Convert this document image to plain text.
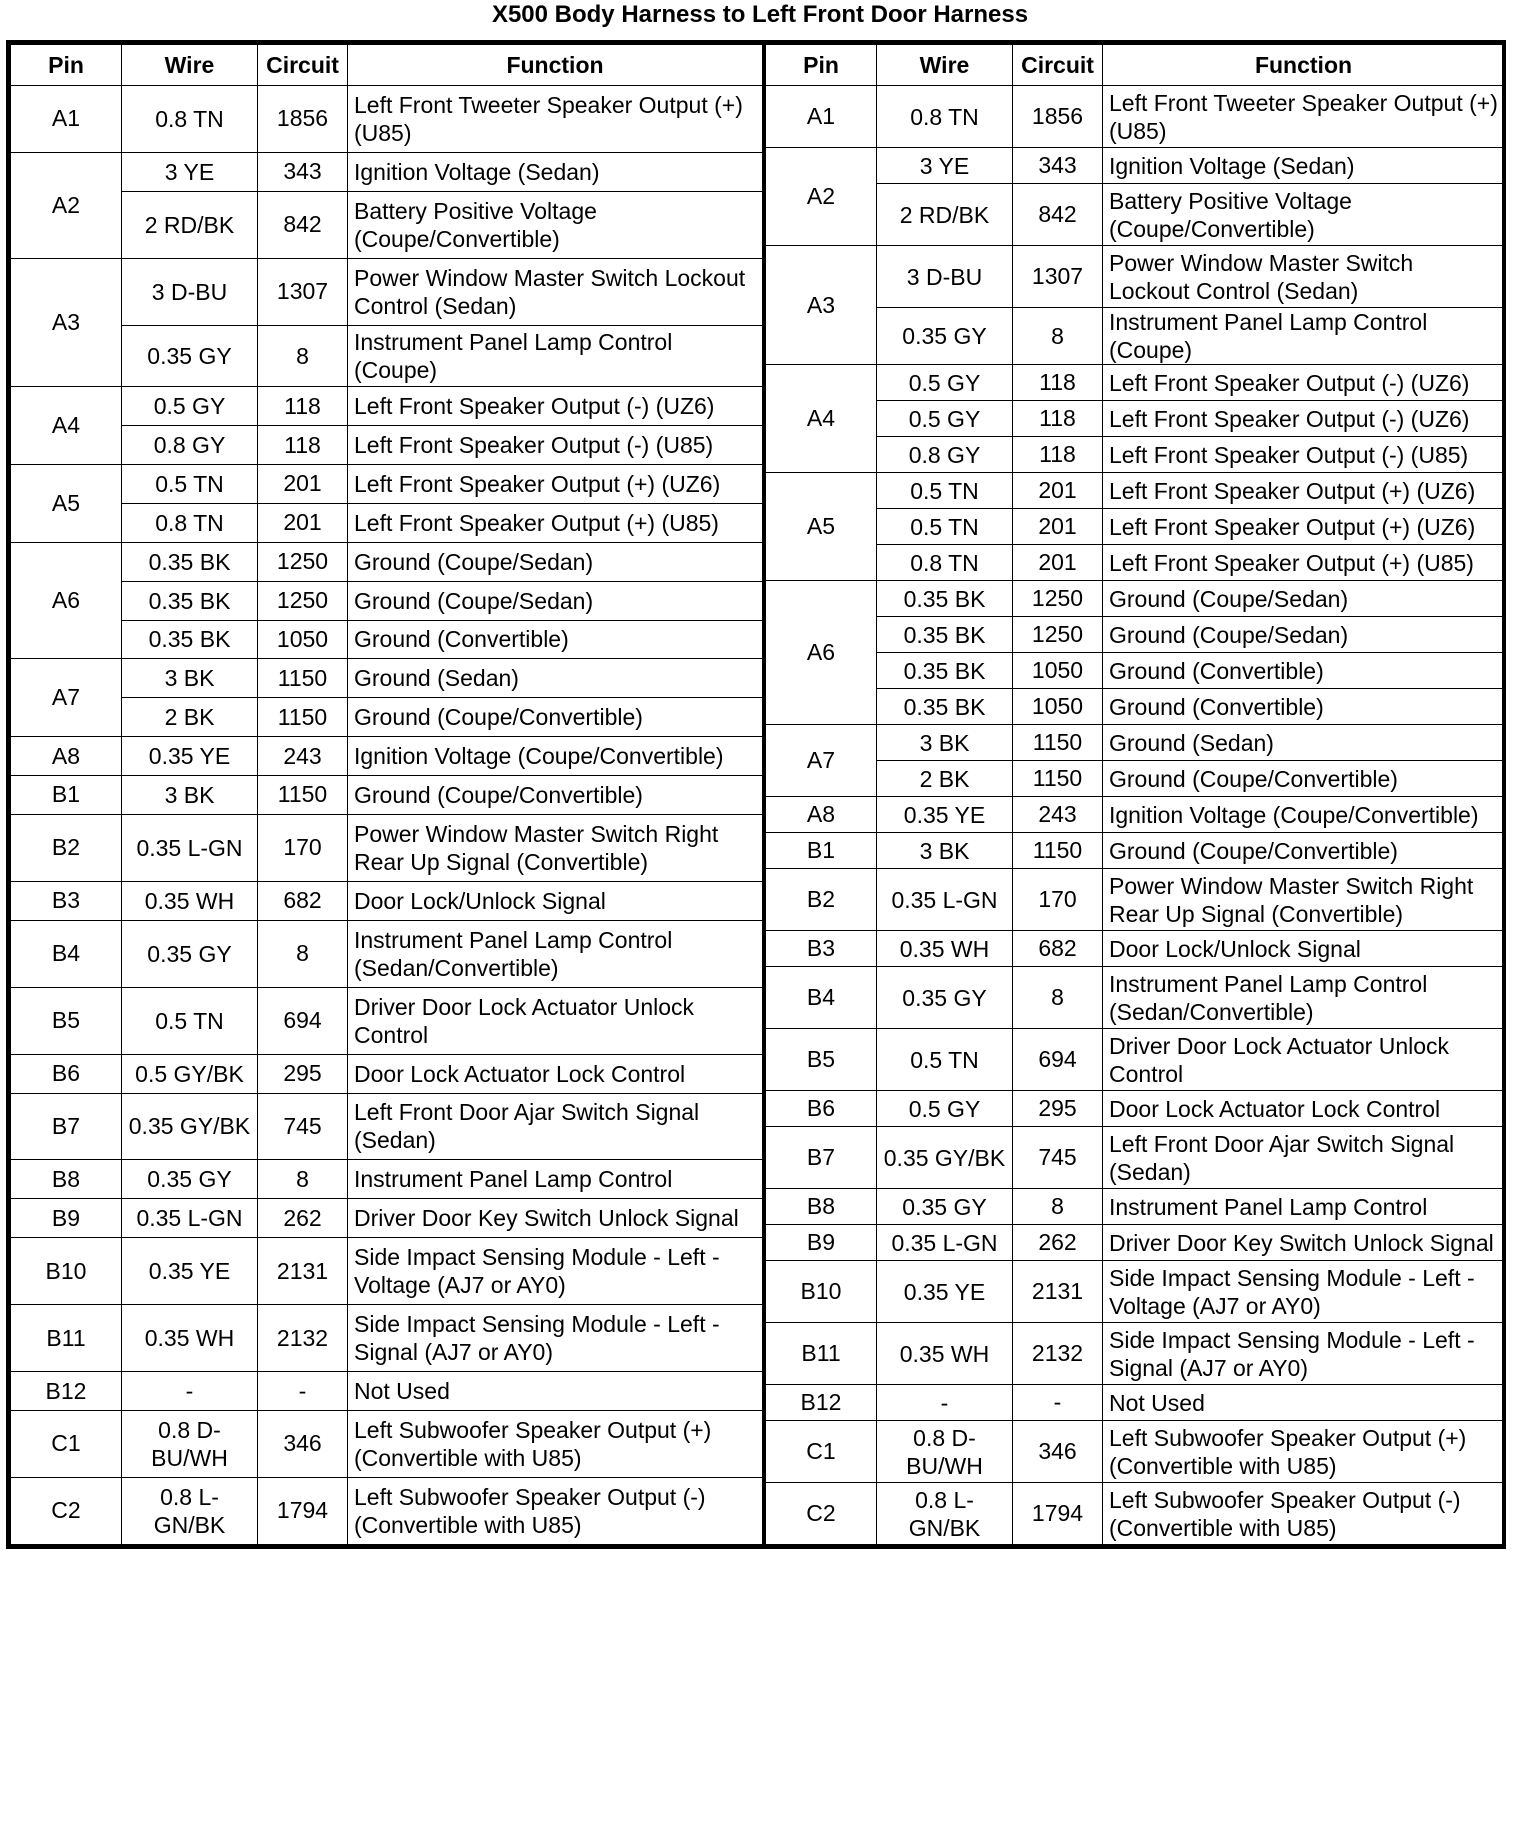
X500 Body Harness to Left Front Door Harness
Pin	Wire	Circuit	Function
A1	0.8 TN	1856	Left Front Tweeter Speaker Output (+) (U85)
A2	3 YE	343	Ignition Voltage (Sedan)
	2 RD/BK	842	Battery Positive Voltage (Coupe/Convertible)
A3	3 D-BU	1307	Power Window Master Switch Lockout Control (Sedan)
	0.35 GY	8	Instrument Panel Lamp Control (Coupe)
A4	0.5 GY	118	Left Front Speaker Output (-) (UZ6)
	0.8 GY	118	Left Front Speaker Output (-) (U85)
A5	0.5 TN	201	Left Front Speaker Output (+) (UZ6)
	0.8 TN	201	Left Front Speaker Output (+) (U85)
A6	0.35 BK	1250	Ground (Coupe/Sedan)
	0.35 BK	1250	Ground (Coupe/Sedan)
	0.35 BK	1050	Ground (Convertible)
A7	3 BK	1150	Ground (Sedan)
	2 BK	1150	Ground (Coupe/Convertible)
A8	0.35 YE	243	Ignition Voltage (Coupe/Convertible)
B1	3 BK	1150	Ground (Coupe/Convertible)
B2	0.35 L-GN	170	Power Window Master Switch Right Rear Up Signal (Convertible)
B3	0.35 WH	682	Door Lock/Unlock Signal
B4	0.35 GY	8	Instrument Panel Lamp Control (Sedan/Convertible)
B5	0.5 TN	694	Driver Door Lock Actuator Unlock Control
B6	0.5 GY/BK	295	Door Lock Actuator Lock Control
B7	0.35 GY/BK	745	Left Front Door Ajar Switch Signal (Sedan)
B8	0.35 GY	8	Instrument Panel Lamp Control
B9	0.35 L-GN	262	Driver Door Key Switch Unlock Signal
B10	0.35 YE	2131	Side Impact Sensing Module - Left - Voltage (AJ7 or AY0)
B11	0.35 WH	2132	Side Impact Sensing Module - Left - Signal (AJ7 or AY0)
B12	-	-	Not Used
C1	0.8 D-BU/WH	346	Left Subwoofer Speaker Output (+) (Convertible with U85)
C2	0.8 L-GN/BK	1794	Left Subwoofer Speaker Output (-) (Convertible with U85)
Pin	Wire	Circuit	Function
A1	0.8 TN	1856	Left Front Tweeter Speaker Output (+) (U85)
A2	3 YE	343	Ignition Voltage (Sedan)
	2 RD/BK	842	Battery Positive Voltage (Coupe/Convertible)
A3	3 D-BU	1307	Power Window Master Switch Lockout Control (Sedan)
	0.35 GY	8	Instrument Panel Lamp Control (Coupe)
A4	0.5 GY	118	Left Front Speaker Output (-) (UZ6)
	0.5 GY	118	Left Front Speaker Output (-) (UZ6)
	0.8 GY	118	Left Front Speaker Output (-) (U85)
A5	0.5 TN	201	Left Front Speaker Output (+) (UZ6)
	0.5 TN	201	Left Front Speaker Output (+) (UZ6)
	0.8 TN	201	Left Front Speaker Output (+) (U85)
A6	0.35 BK	1250	Ground (Coupe/Sedan)
	0.35 BK	1250	Ground (Coupe/Sedan)
	0.35 BK	1050	Ground (Convertible)
	0.35 BK	1050	Ground (Convertible)
A7	3 BK	1150	Ground (Sedan)
	2 BK	1150	Ground (Coupe/Convertible)
A8	0.35 YE	243	Ignition Voltage (Coupe/Convertible)
B1	3 BK	1150	Ground (Coupe/Convertible)
B2	0.35 L-GN	170	Power Window Master Switch Right Rear Up Signal (Convertible)
B3	0.35 WH	682	Door Lock/Unlock Signal
B4	0.35 GY	8	Instrument Panel Lamp Control (Sedan/Convertible)
B5	0.5 TN	694	Driver Door Lock Actuator Unlock Control
B6	0.5 GY	295	Door Lock Actuator Lock Control
B7	0.35 GY/BK	745	Left Front Door Ajar Switch Signal (Sedan)
B8	0.35 GY	8	Instrument Panel Lamp Control
B9	0.35 L-GN	262	Driver Door Key Switch Unlock Signal
B10	0.35 YE	2131	Side Impact Sensing Module - Left - Voltage (AJ7 or AY0)
B11	0.35 WH	2132	Side Impact Sensing Module - Left - Signal (AJ7 or AY0)
B12	-	-	Not Used
C1	0.8 D-BU/WH	346	Left Subwoofer Speaker Output (+) (Convertible with U85)
C2	0.8 L-GN/BK	1794	Left Subwoofer Speaker Output (-) (Convertible with U85)
